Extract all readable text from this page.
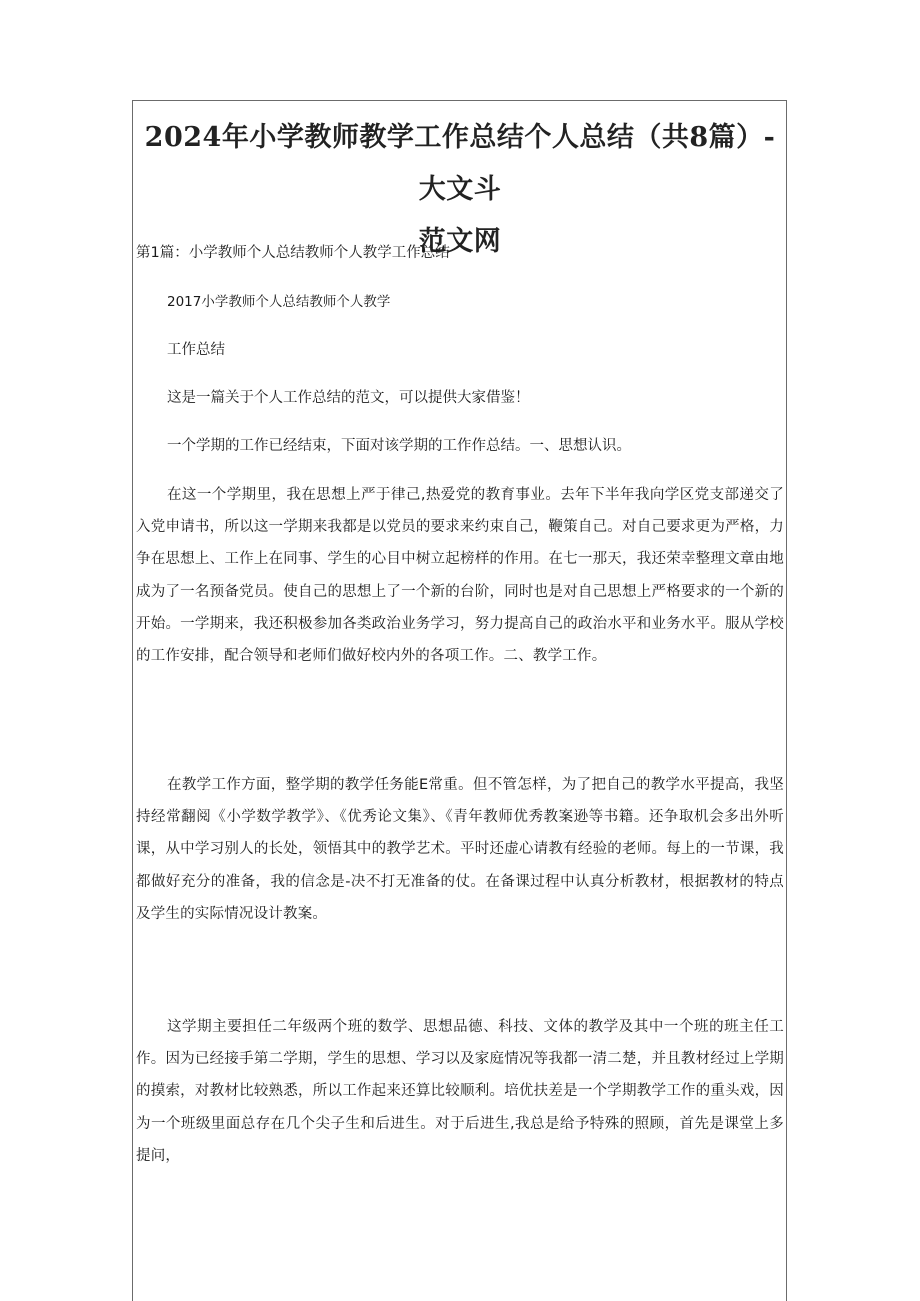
2024年小学教师教学工作总结个人总结（共8篇）- 大文斗
范文网
第1篇：小学教师个人总结教师个人教学工作总结
2017小学教师个人总结教师个人教学
工作总结
这是一篇关于个人工作总结的范文，可以提供大家借鉴！
一个学期的工作已经结束，下面对该学期的工作作总结。一、思想认识。
在这一个学期里，我在思想上严于律己,热爱党的教育事业。去年下半年我向学区党支部递交了入党申请书，所以这一学期来我都是以党员的要求来约束自己，鞭策自己。对自己要求更为严格，力争在思想上、工作上在同事、学生的心目中树立起榜样的作用。在七一那天，我还荣幸整理文章由地成为了一名预备党员。使自己的思想上了一个新的台阶，同时也是对自己思想上严格要求的一个新的开始。一学期来，我还积极参加各类政治业务学习，努力提高自己的政治水平和业务水平。服从学校的工作安排，配合领导和老师们做好校内外的各项工作。二、教学工作。
在教学工作方面，整学期的教学任务能E常重。但不管怎样，为了把自己的教学水平提高，我坚持经常翻阅《小学数学教学》、《优秀论文集》、《青年教师优秀教案逊等书籍。还争取机会多出外听课，从中学习别人的长处，领悟其中的教学艺术。平时还虚心请教有经验的老师。每上的一节课，我都做好充分的准备，我的信念是-决不打无准备的仗。在备课过程中认真分析教材，根据教材的特点及学生的实际情况设计教案。
这学期主要担任二年级两个班的数学、思想品德、科技、文体的教学及其中一个班的班主任工作。因为已经接手第二学期，学生的思想、学习以及家庭情况等我都一清二楚，并且教材经过上学期的摸索，对教材比较熟悉，所以工作起来还算比较顺利。培优扶差是一个学期教学工作的重头戏，因为一个班级里面总存在几个尖子生和后进生。对于后进生,我总是给予特殊的照顾，首先是课堂上多提问，
